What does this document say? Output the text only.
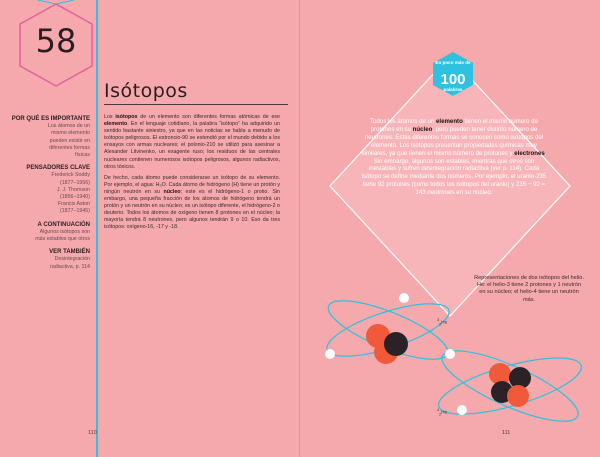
58
POR QUÉ ES IMPORTANTE
Los átomos de un
mismo elemento
pueden existir en
diferentes formas
físicas
PENSADORES CLAVE
Frederick Soddy
(1877–1956)
J. J. Thomson
(1856–1940)
Francis Aston
(1877–1945)
A CONTINUACIÓN
Algunos isótopos son
más estables que otros
VER TAMBIÉN
Desintegración
radiactiva, p. 114
Isótopos

Los isótopos de un elemento son diferentes formas atómicas de ese elemento. En el lenguaje cotidiano, la palabra “isótopo” ha adquirido un sentido bastante siniestro, ya que en las noticias se habla a menudo de isótopos peligrosos. El estroncio-90 se extendió por el mundo debido a los ensayos con armas nucleares; el polonio-210 se utilizó para asesinar a Alexander Litvinenko, un exagente ruso; los residuos de las centrales nucleares contienen numerosos isótopos peligrosos, algunos radiactivos, otros tóxicos.

De hecho, cada átomo puede considerarse un isótopo de su elemento. Por ejemplo, el agua: H₂O. Cada átomo de hidrógeno (H) tiene un protón y ningún neutrón en su núcleo; este es el hidrógeno-1 o protio. Sin embargo, una pequeña fracción de los átomos de hidrógeno tendrá un protón y un neutrón en su núcleo; es un isótopo diferente, el hidrógeno-2 o deuterio. Todos los átomos de oxígeno tienen 8 protones en el núcleo; la mayoría tendrá 8 neutrones, pero algunos tendrán 9 o 10. Eso da tres isótopos: oxígeno-16, -17 y -18.

110
En poco más de
100
palabras
Todos los átomos de un elemento tienen el mismo número de protones en su núcleo, pero pueden tener distinto número de neutrones. Estas diferentes formas se conocen como isótopos del elemento. Los isótopos presentan propiedades químicas muy similares, ya que tienen el mismo número de protones y electrones. Sin embargo, algunos son estables, mientras que otros son inestables y sufren desintegración radiactiva (ver p. 114). Cada isótopo se define mediante dos números. Por ejemplo, el uranio-235 tiene 92 protones (como todos los isótopos del uranio) y 235 − 92 = 143 neutrones en su núcleo.
Representaciones de dos isótopos del helio. He: el helio-3 tiene 2 protones y 1 neutrón en su núcleo; el helio-4 tiene un neutrón más.
$^3_2$He
$^4_2$He
111
